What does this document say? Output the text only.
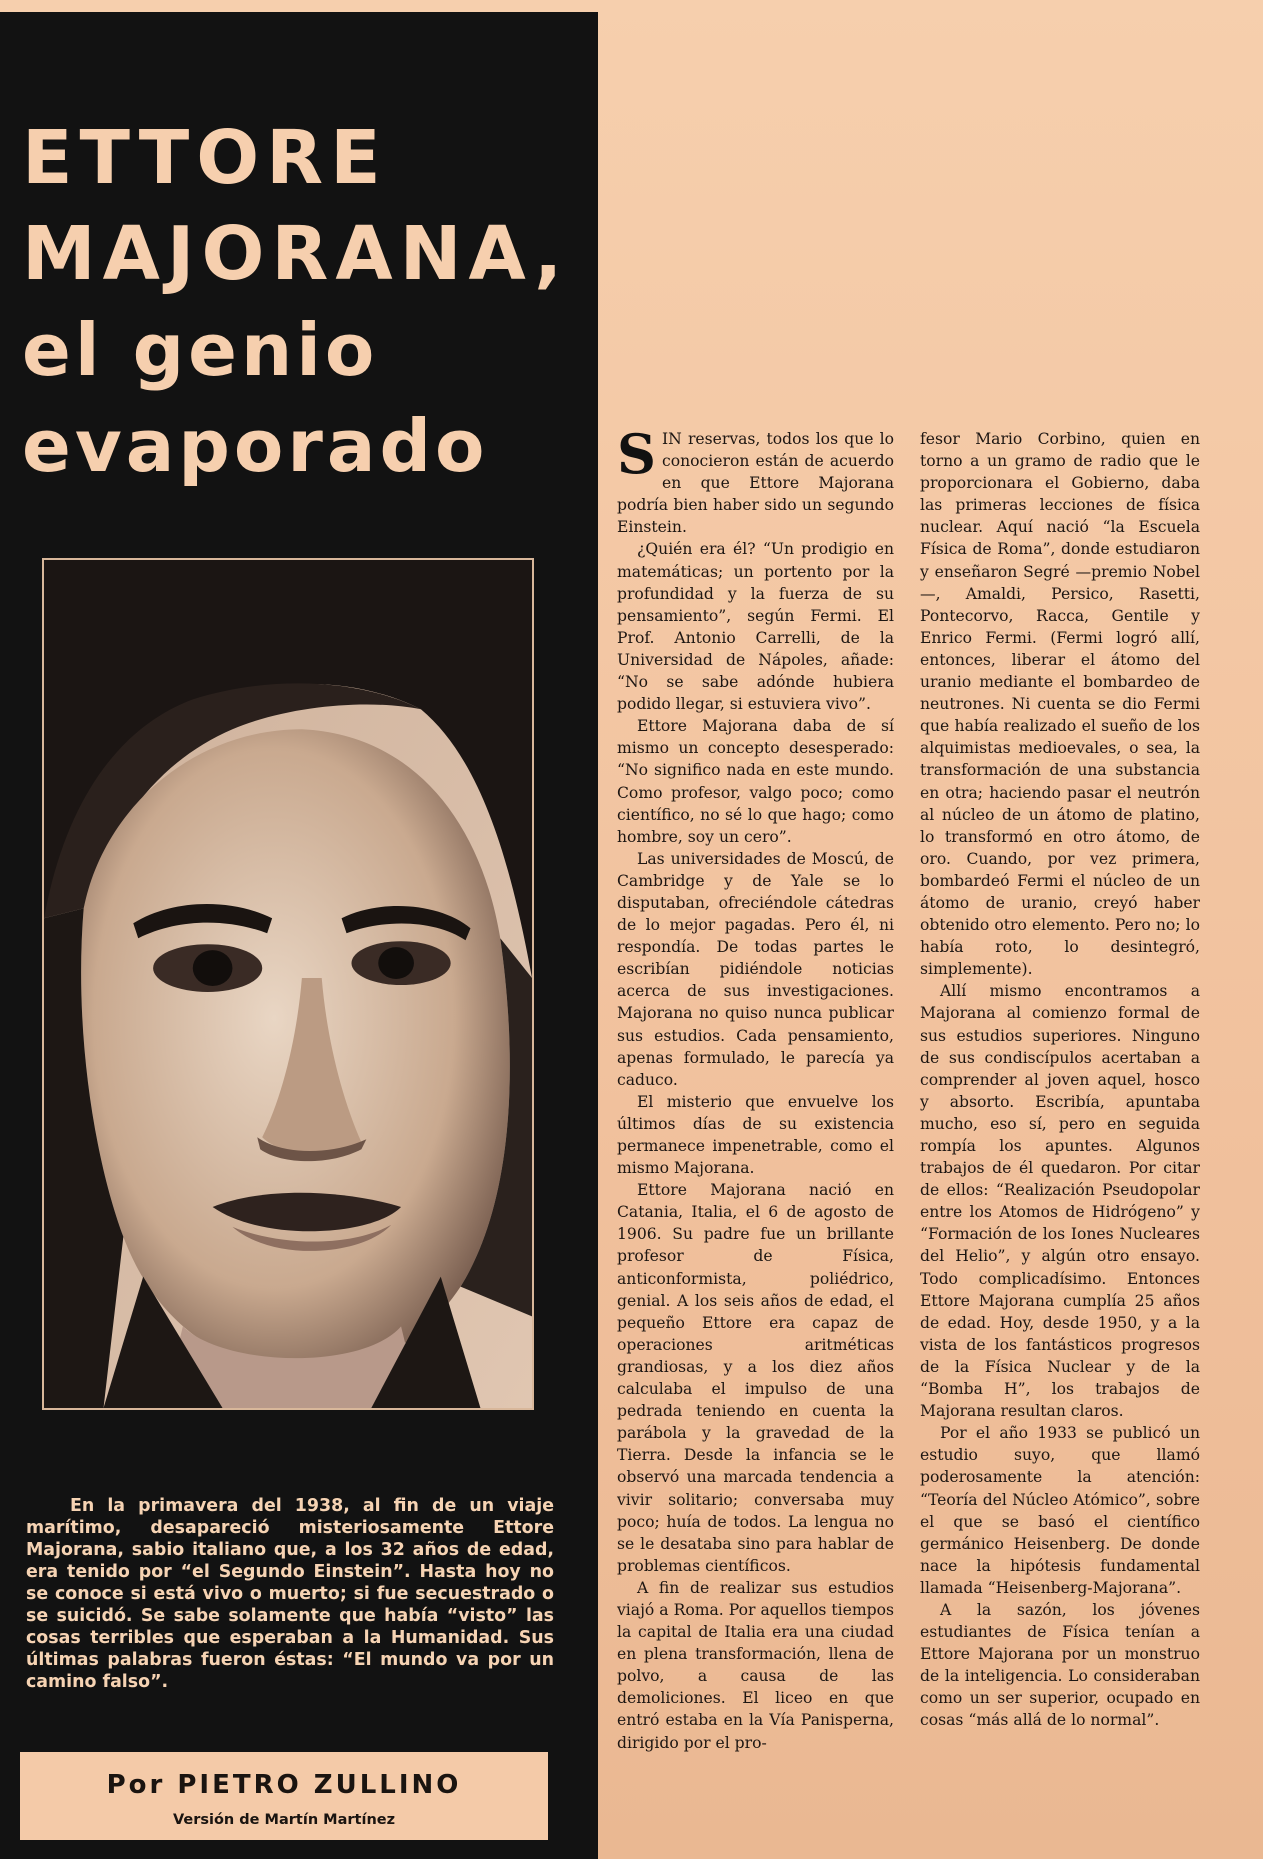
ETTORE
MAJORANA,
el genio
evaporado

En la primavera del 1938, al fin de un viaje marítimo, desapareció misteriosamente Ettore Majorana, sabio italiano que, a los 32 años de edad, era tenido por “el Segundo Einstein”. Hasta hoy no se conoce si está vivo o muerto; si fue secuestrado o se suicidó. Se sabe solamente que había “visto” las cosas terribles que esperaban a la Humanidad. Sus últimas palabras fueron éstas: “El mundo va por un camino falso”.

Por PIETRO ZULLINO
Versión de Martín Martínez

SIN reservas, todos los que lo conocieron están de acuerdo en que Ettore Majorana podría bien haber sido un segundo Einstein.

¿Quién era él? “Un prodigio en matemáticas; un portento por la profundidad y la fuerza de su pensamiento”, según Fermi. El Prof. Antonio Carrelli, de la Universidad de Nápoles, añade: “No se sabe adónde hubiera podido llegar, si estuviera vivo”.

Ettore Majorana daba de sí mismo un concepto desesperado: “No significo nada en este mundo. Como profesor, valgo poco; como científico, no sé lo que hago; como hombre, soy un cero”.

Las universidades de Moscú, de Cambridge y de Yale se lo disputaban, ofreciéndole cátedras de lo mejor pagadas. Pero él, ni respondía. De todas partes le escribían pidiéndole noticias acerca de sus investigaciones. Majorana no quiso nunca publicar sus estudios. Cada pensamiento, apenas formulado, le parecía ya caduco.

El misterio que envuelve los últimos días de su existencia permanece impenetrable, como el mismo Majorana.

Ettore Majorana nació en Catania, Italia, el 6 de agosto de 1906. Su padre fue un brillante profesor de Física, anticonformista, poliédrico, genial. A los seis años de edad, el pequeño Ettore era capaz de operaciones aritméticas grandiosas, y a los diez años calculaba el impulso de una pedrada teniendo en cuenta la parábola y la gravedad de la Tierra. Desde la infancia se le observó una marcada tendencia a vivir solitario; conversaba muy poco; huía de todos. La lengua no se le desataba sino para hablar de problemas científicos.

A fin de realizar sus estudios viajó a Roma. Por aquellos tiempos la capital de Italia era una ciudad en plena transformación, llena de polvo, a causa de las demoliciones. El liceo en que entró estaba en la Vía Panisperna, dirigido por el pro-

fesor Mario Corbino, quien en torno a un gramo de radio que le proporcionara el Gobierno, daba las primeras lecciones de física nuclear. Aquí nació “la Escuela Física de Roma”, donde estudiaron y enseñaron Segré —premio Nobel—, Amaldi, Persico, Rasetti, Pontecorvo, Racca, Gentile y Enrico Fermi. (Fermi logró allí, entonces, liberar el átomo del uranio mediante el bombardeo de neutrones. Ni cuenta se dio Fermi que había realizado el sueño de los alquimistas medioevales, o sea, la transformación de una substancia en otra; haciendo pasar el neutrón al núcleo de un átomo de platino, lo transformó en otro átomo, de oro. Cuando, por vez primera, bombardeó Fermi el núcleo de un átomo de uranio, creyó haber obtenido otro elemento. Pero no; lo había roto, lo desintegró, simplemente).

Allí mismo encontramos a Majorana al comienzo formal de sus estudios superiores. Ninguno de sus condiscípulos acertaban a comprender al joven aquel, hosco y absorto. Escribía, apuntaba mucho, eso sí, pero en seguida rompía los apuntes. Algunos trabajos de él quedaron. Por citar de ellos: “Realización Pseudopolar entre los Atomos de Hidrógeno” y “Formación de los Iones Nucleares del Helio”, y algún otro ensayo. Todo complicadísimo. Entonces Ettore Majorana cumplía 25 años de edad. Hoy, desde 1950, y a la vista de los fantásticos progresos de la Física Nuclear y de la “Bomba H”, los trabajos de Majorana resultan claros.

Por el año 1933 se publicó un estudio suyo, que llamó poderosamente la atención: “Teoría del Núcleo Atómico”, sobre el que se basó el científico germánico Heisenberg. De donde nace la hipótesis fundamental llamada “Heisenberg-Majorana”.

A la sazón, los jóvenes estudiantes de Física tenían a Ettore Majorana por un monstruo de la inteligencia. Lo consideraban como un ser superior, ocupado en cosas “más allá de lo normal”.
